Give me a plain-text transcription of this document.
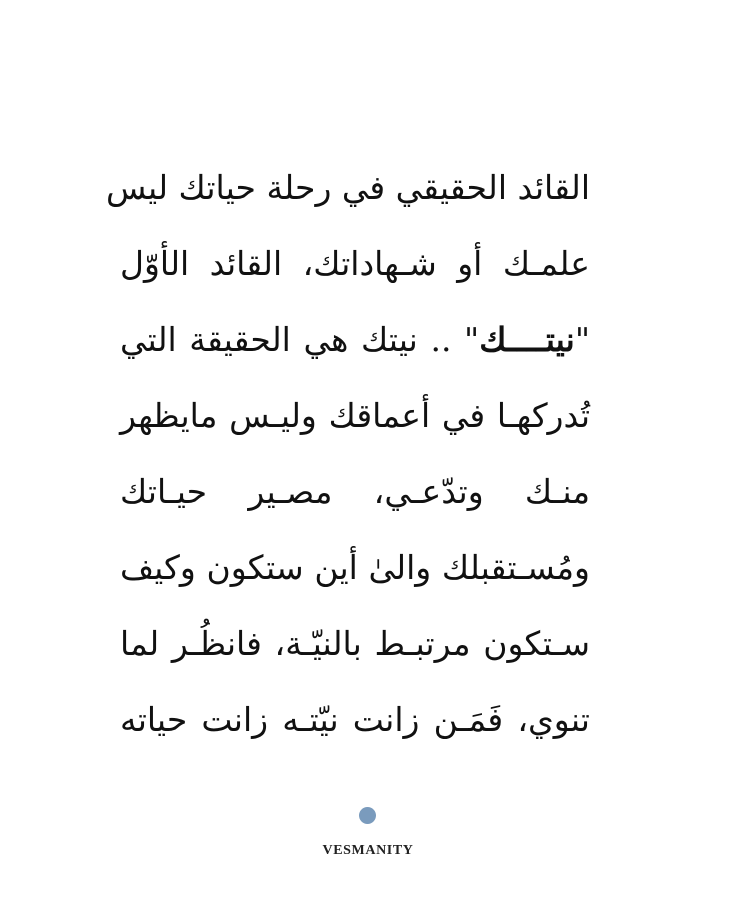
القائد الحقيقي في رحلة حياتك ليس
علمـك أو شـهاداتك، القائد الأوّل
"نيتــــك" .. نيتك هي الحقيقة التي
تُدركهـا في أعماقك وليـس مايظهر
منـك وتدّعـي، مصـير حيـاتك
ومُسـتقبلك والىٰ أين ستكون وكيف
سـتكون مرتبـط بالنيّـة، فانظُـر لما
تنوي، فَمَـن زانت نيّتـه زانت حياته
VESMANITY
